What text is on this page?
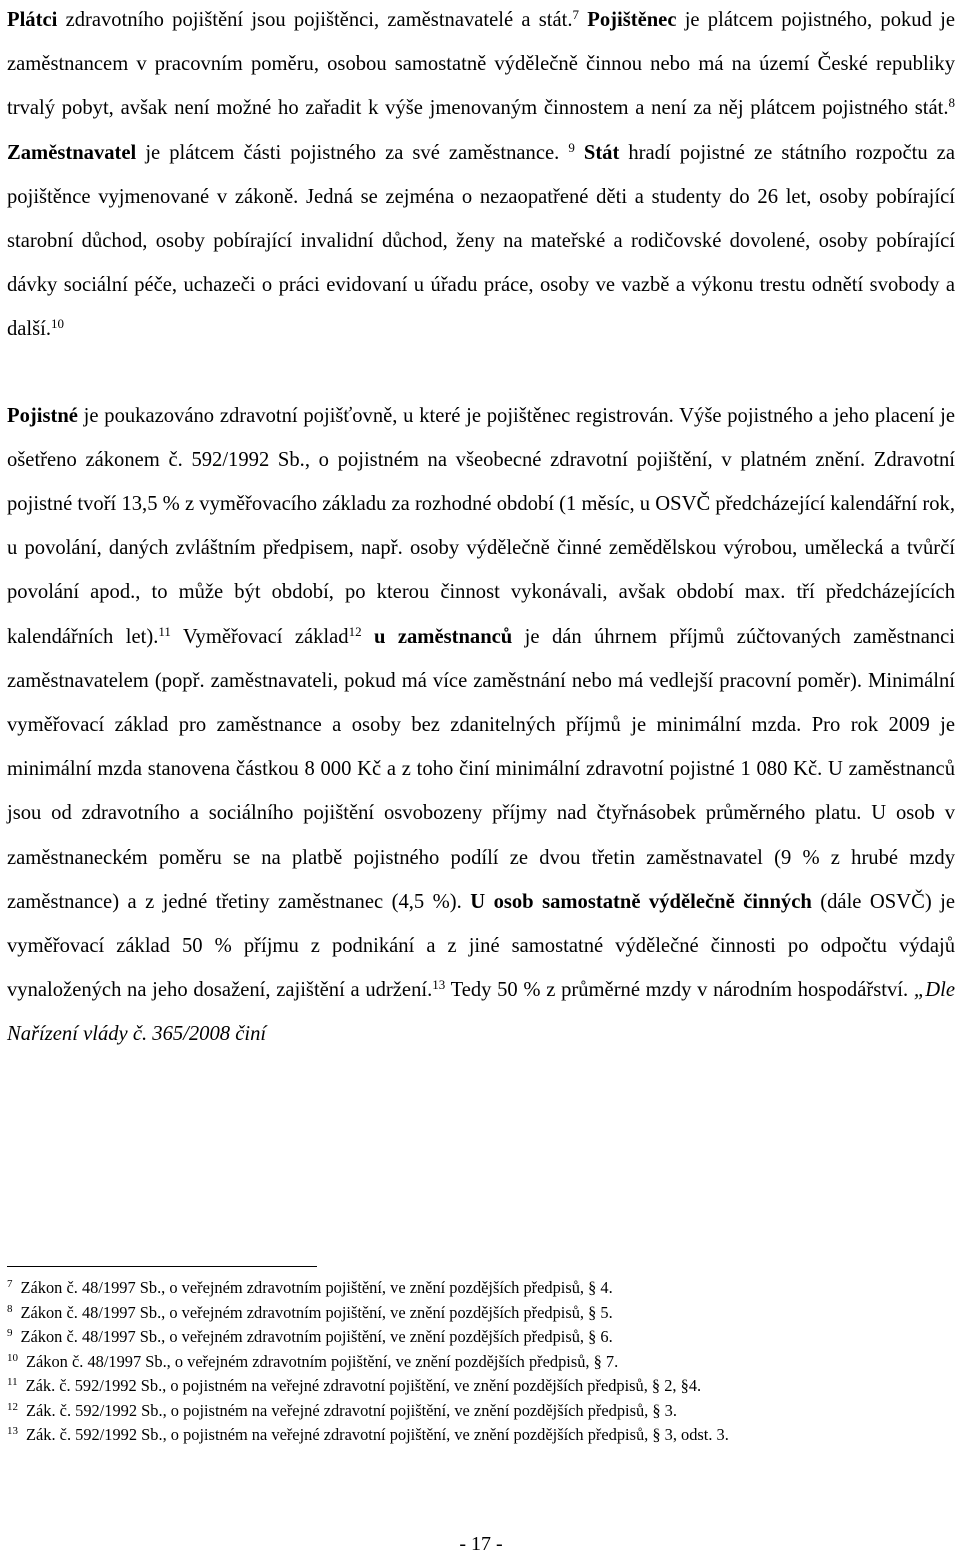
Plátci zdravotního pojištění jsou pojištěnci, zaměstnavatelé a stát.$^7$ Pojištěnec je plátcem pojistného, pokud je zaměstnancem v pracovním poměru, osobou samostatně výdělečně činnou nebo má na území České republiky trvalý pobyt, avšak není možné ho zařadit k výše jmenovaným činnostem a není za něj plátcem pojistného stát.$^8$ Zaměstnavatel je plátcem části pojistného za své zaměstnance. $^9$ Stát hradí pojistné ze státního rozpočtu za pojištěnce vyjmenované v zákoně. Jedná se zejména o nezaopatřené děti a studenty do 26 let, osoby pobírající starobní důchod, osoby pobírající invalidní důchod, ženy na mateřské a rodičovské dovolené, osoby pobírající dávky sociální péče, uchazeči o práci evidovaní u úřadu práce, osoby ve vazbě a výkonu trestu odnětí svobody a další.$^{10}$

Pojistné je poukazováno zdravotní pojišťovně, u které je pojištěnec registrován. Výše pojistného a jeho placení je ošetřeno zákonem č. 592/1992 Sb., o pojistném na všeobecné zdravotní pojištění, v platném znění. Zdravotní pojistné tvoří 13,5 % z vyměřovacího základu za rozhodné období (1 měsíc, u OSVČ předcházející kalendářní rok, u povolání, daných zvláštním předpisem, např. osoby výdělečně činné zemědělskou výrobou, umělecká a tvůrčí povolání apod., to může být období, po kterou činnost vykonávali, avšak období max. tří předcházejících kalendářních let).$^{11}$ Vyměřovací základ$^{12}$ u zaměstnanců je dán úhrnem příjmů zúčtovaných zaměstnanci zaměstnavatelem (popř. zaměstnavateli, pokud má více zaměstnání nebo má vedlejší pracovní poměr). Minimální vyměřovací základ pro zaměstnance a osoby bez zdanitelných příjmů je minimální mzda. Pro rok 2009 je minimální mzda stanovena částkou 8 000 Kč a z toho činí minimální zdravotní pojistné 1 080 Kč. U zaměstnanců jsou od zdravotního a sociálního pojištění osvobozeny příjmy nad čtyřnásobek průměrného platu. U osob v zaměstnaneckém poměru se na platbě pojistného podílí ze dvou třetin zaměstnavatel (9 % z hrubé mzdy zaměstnance) a z jedné třetiny zaměstnanec (4,5 %). U osob samostatně výdělečně činných (dále OSVČ) je vyměřovací základ 50 % příjmu z podnikání a z jiné samostatné výdělečné činnosti po odpočtu výdajů vynaložených na jeho dosažení, zajištění a udržení.$^{13}$ Tedy 50 % z průměrné mzdy v národním hospodářství. „Dle Nařízení vlády č. 365/2008 činí

$^7$ Zákon č. 48/1997 Sb., o veřejném zdravotním pojištění, ve znění pozdějších předpisů, § 4.
$^8$ Zákon č. 48/1997 Sb., o veřejném zdravotním pojištění, ve znění pozdějších předpisů, § 5.
$^9$ Zákon č. 48/1997 Sb., o veřejném zdravotním pojištění, ve znění pozdějších předpisů, § 6.
$^{10}$ Zákon č. 48/1997 Sb., o veřejném zdravotním pojištění, ve znění pozdějších předpisů, § 7.
$^{11}$ Zák. č. 592/1992 Sb., o pojistném na veřejné zdravotní pojištění, ve znění pozdějších předpisů, § 2, §4.
$^{12}$ Zák. č. 592/1992 Sb., o pojistném na veřejné zdravotní pojištění, ve znění pozdějších předpisů, § 3.
$^{13}$ Zák. č. 592/1992 Sb., o pojistném na veřejné zdravotní pojištění, ve znění pozdějších předpisů, § 3, odst. 3.
- 17 -
